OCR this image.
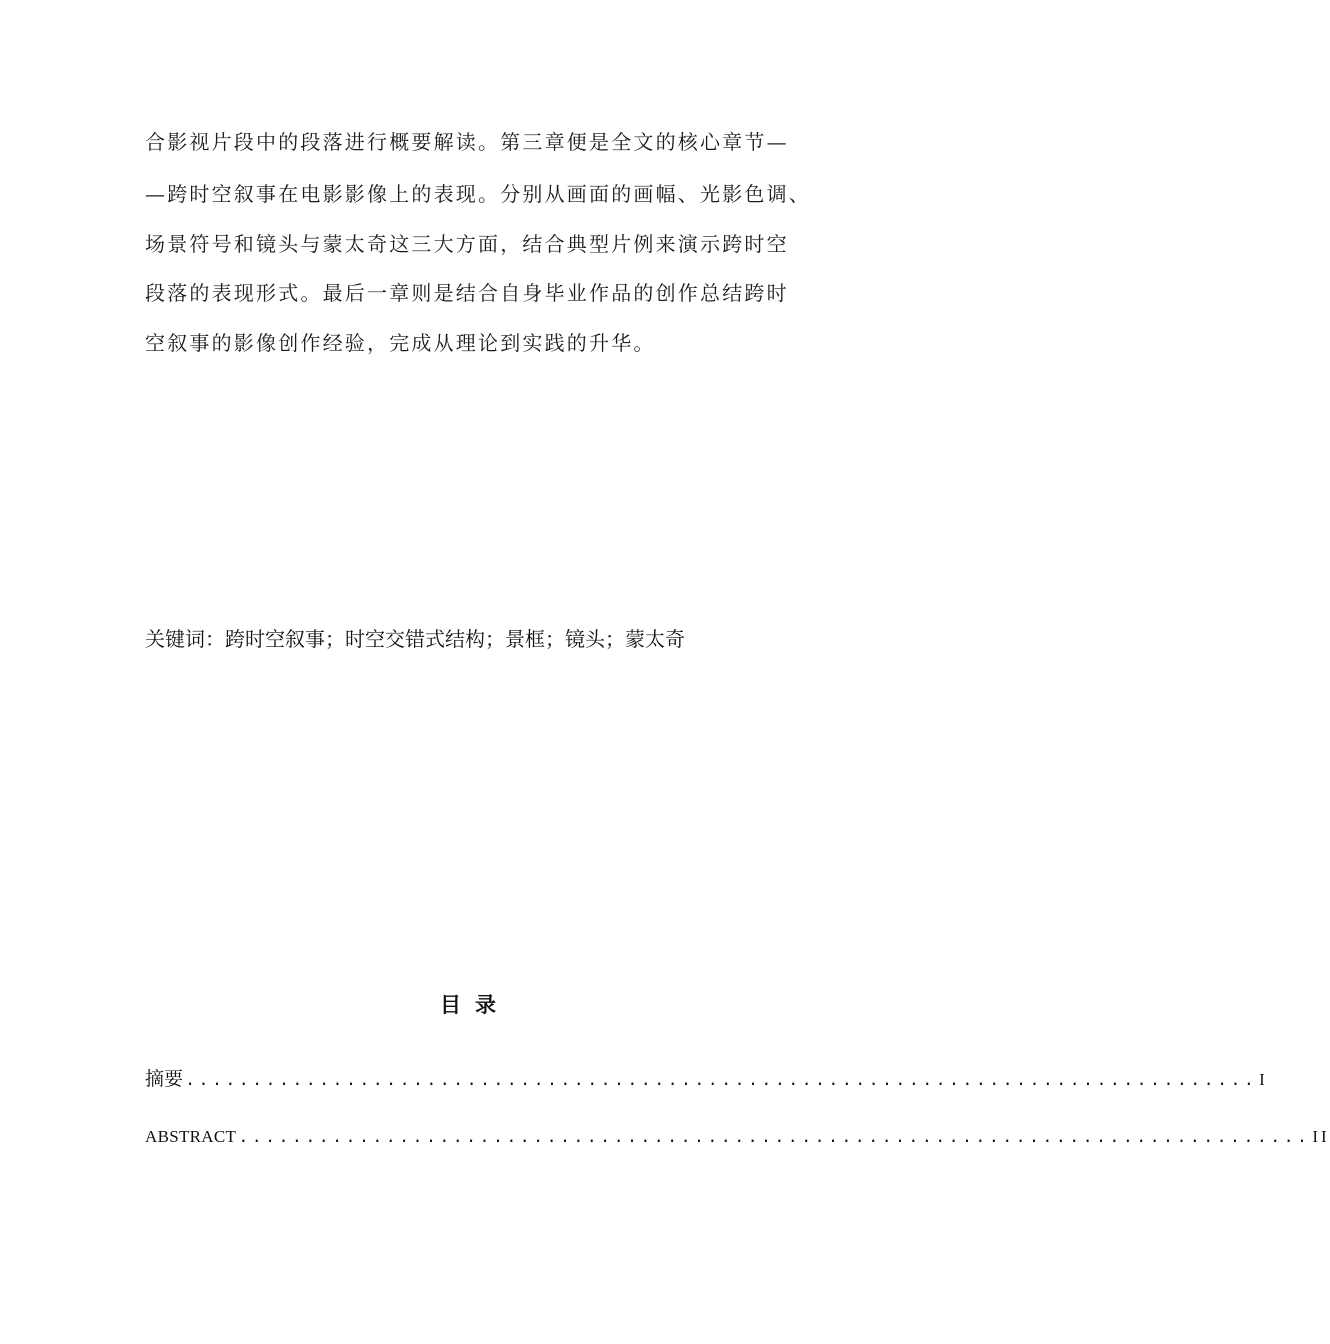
合影视片段中的段落进行概要解读。第三章便是全文的核心章节—
—跨时空叙事在电影影像上的表现。分别从画面的画幅、光影色调、
场景符号和镜头与蒙太奇这三大方面，结合典型片例来演示跨时空
段落的表现形式。最后一章则是结合自身毕业作品的创作总结跨时
空叙事的影像创作经验，完成从理论到实践的升华。
关键词：跨时空叙事；时空交错式结构；景框；镜头；蒙太奇
目录
摘要 ................................................................................ I
ABSTRACT ................................................................................ II
